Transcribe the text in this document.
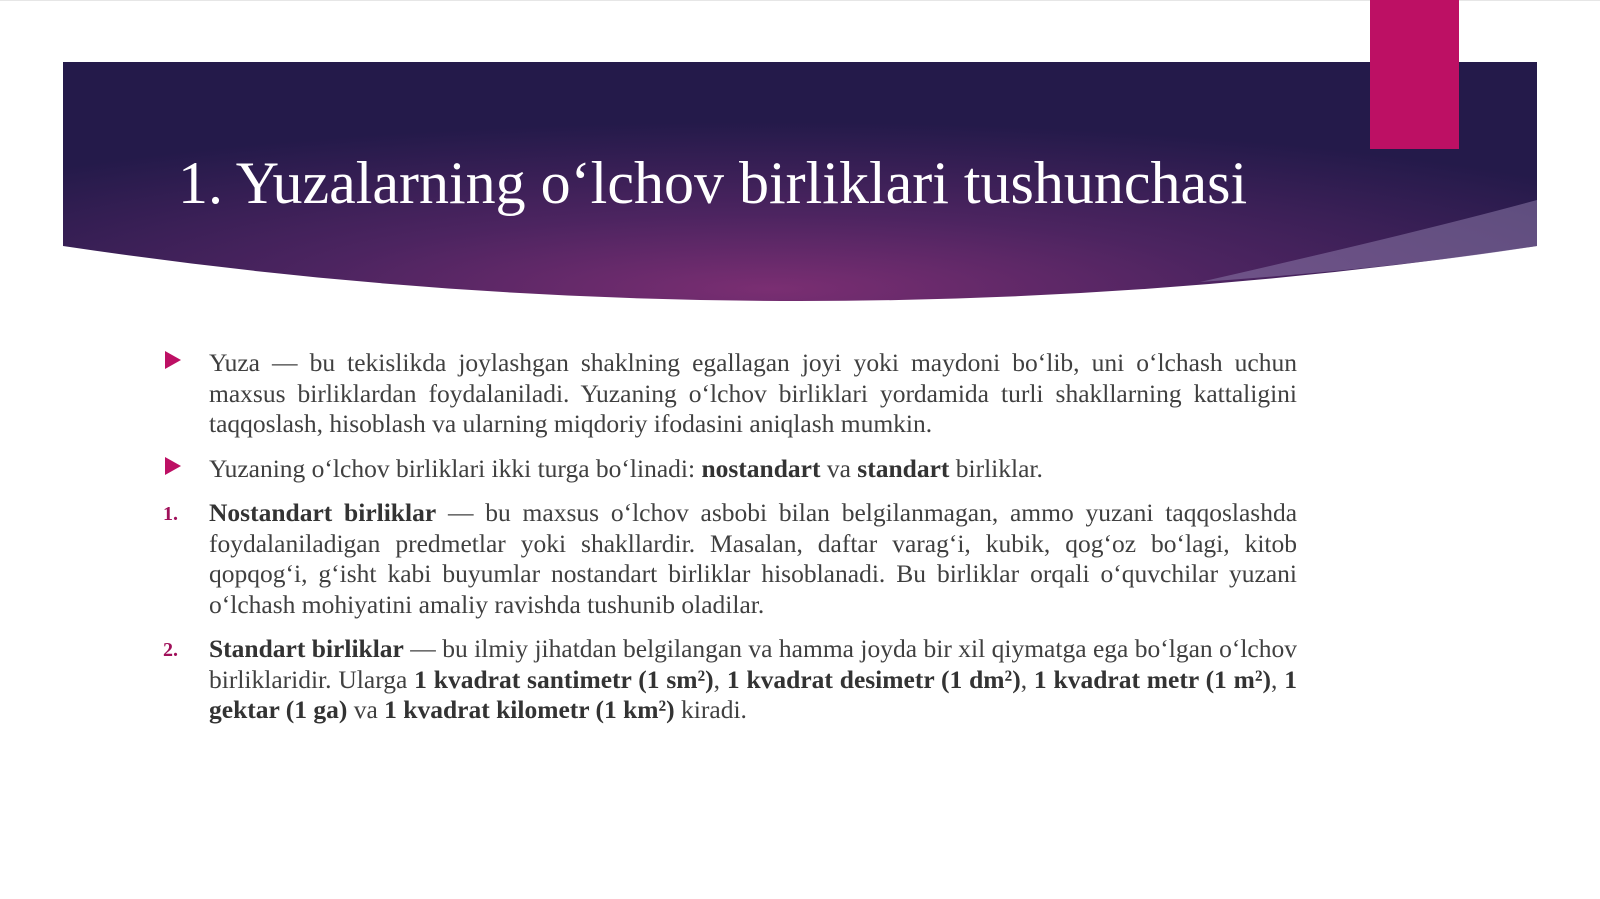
1. Yuzalarning o‘lchov birliklari tushunchasi
Yuza — bu tekislikda joylashgan shaklning egallagan joyi yoki maydoni bo‘lib, uni o‘lchash uchun maxsus birliklardan foydalaniladi. Yuzaning o‘lchov birliklari yordamida turli shakllarning kattaligini taqqoslash, hisoblash va ularning miqdoriy ifodasini aniqlash mumkin.
Yuzaning o‘lchov birliklari ikki turga bo‘linadi: nostandart va standart birliklar.
1. Nostandart birliklar — bu maxsus o‘lchov asbobi bilan belgilanmagan, ammo yuzani taqqoslashda foydalaniladigan predmetlar yoki shakllardir. Masalan, daftar varag‘i, kubik, qog‘oz bo‘lagi, kitob qopqog‘i, g‘isht kabi buyumlar nostandart birliklar hisoblanadi. Bu birliklar orqali o‘quvchilar yuzani o‘lchash mohiyatini amaliy ravishda tushunib oladilar.
2. Standart birliklar — bu ilmiy jihatdan belgilangan va hamma joyda bir xil qiymatga ega bo‘lgan o‘lchov birliklaridir. Ularga 1 kvadrat santimetr (1 sm²), 1 kvadrat desimetr (1 dm²), 1 kvadrat metr (1 m²), 1 gektar (1 ga) va 1 kvadrat kilometr (1 km²) kiradi.
